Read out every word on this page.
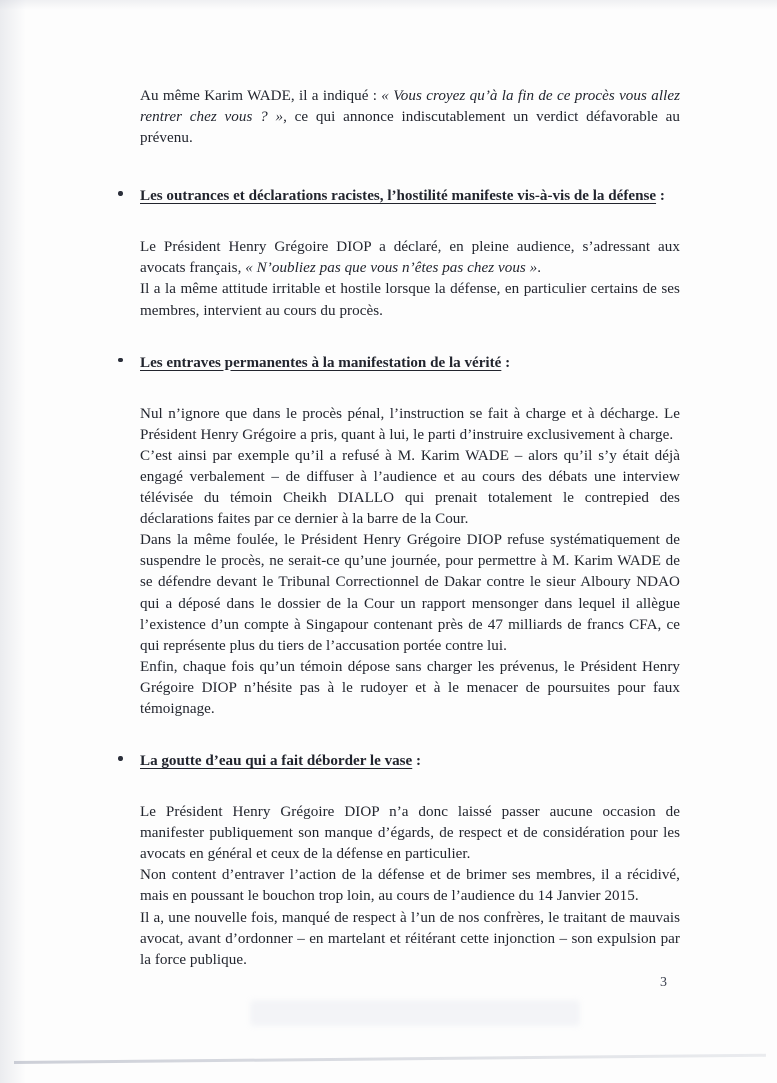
Au même Karim WADE, il a indiqué : « Vous croyez qu’à la fin de ce procès vous allez rentrer chez vous ? », ce qui annonce indiscutablement un verdict défavorable au prévenu.

Les outrances et déclarations racistes, l’hostilité manifeste vis-à-vis de la défense :

Le Président Henry Grégoire DIOP a déclaré, en pleine audience, s’adressant aux avocats français, « N’oubliez pas que vous n’êtes pas chez vous ».

Il a la même attitude irritable et hostile lorsque la défense, en particulier certains de ses membres, intervient au cours du procès.

Les entraves permanentes à la manifestation de la vérité :

Nul n’ignore que dans le procès pénal, l’instruction se fait à charge et à décharge. Le Président Henry Grégoire a pris, quant à lui, le parti d’instruire exclusivement à charge.

C’est ainsi par exemple qu’il a refusé à M. Karim WADE – alors qu’il s’y était déjà engagé verbalement – de diffuser à l’audience et au cours des débats une interview télévisée du témoin Cheikh DIALLO qui prenait totalement le contrepied des déclarations faites par ce dernier à la barre de la Cour.

Dans la même foulée, le Président Henry Grégoire DIOP refuse systématiquement de suspendre le procès, ne serait-ce qu’une journée, pour permettre à M. Karim WADE de se défendre devant le Tribunal Correctionnel de Dakar contre le sieur Alboury NDAO qui a déposé dans le dossier de la Cour un rapport mensonger dans lequel il allègue l’existence d’un compte à Singapour contenant près de 47 milliards de francs CFA, ce qui représente plus du tiers de l’accusation portée contre lui.

Enfin, chaque fois qu’un témoin dépose sans charger les prévenus, le Président Henry Grégoire DIOP n’hésite pas à le rudoyer et à le menacer de poursuites pour faux témoignage.

La goutte d’eau qui a fait déborder le vase :

Le Président Henry Grégoire DIOP n’a donc laissé passer aucune occasion de manifester publiquement son manque d’égards, de respect et de considération pour les avocats en général et ceux de la défense en particulier.

Non content d’entraver l’action de la défense et de brimer ses membres, il a récidivé, mais en poussant le bouchon trop loin, au cours de l’audience du 14 Janvier 2015.

Il a, une nouvelle fois, manqué de respect à l’un de nos confrères, le traitant de mauvais avocat, avant d’ordonner – en martelant et réitérant cette injonction – son expulsion par la force publique.

3
